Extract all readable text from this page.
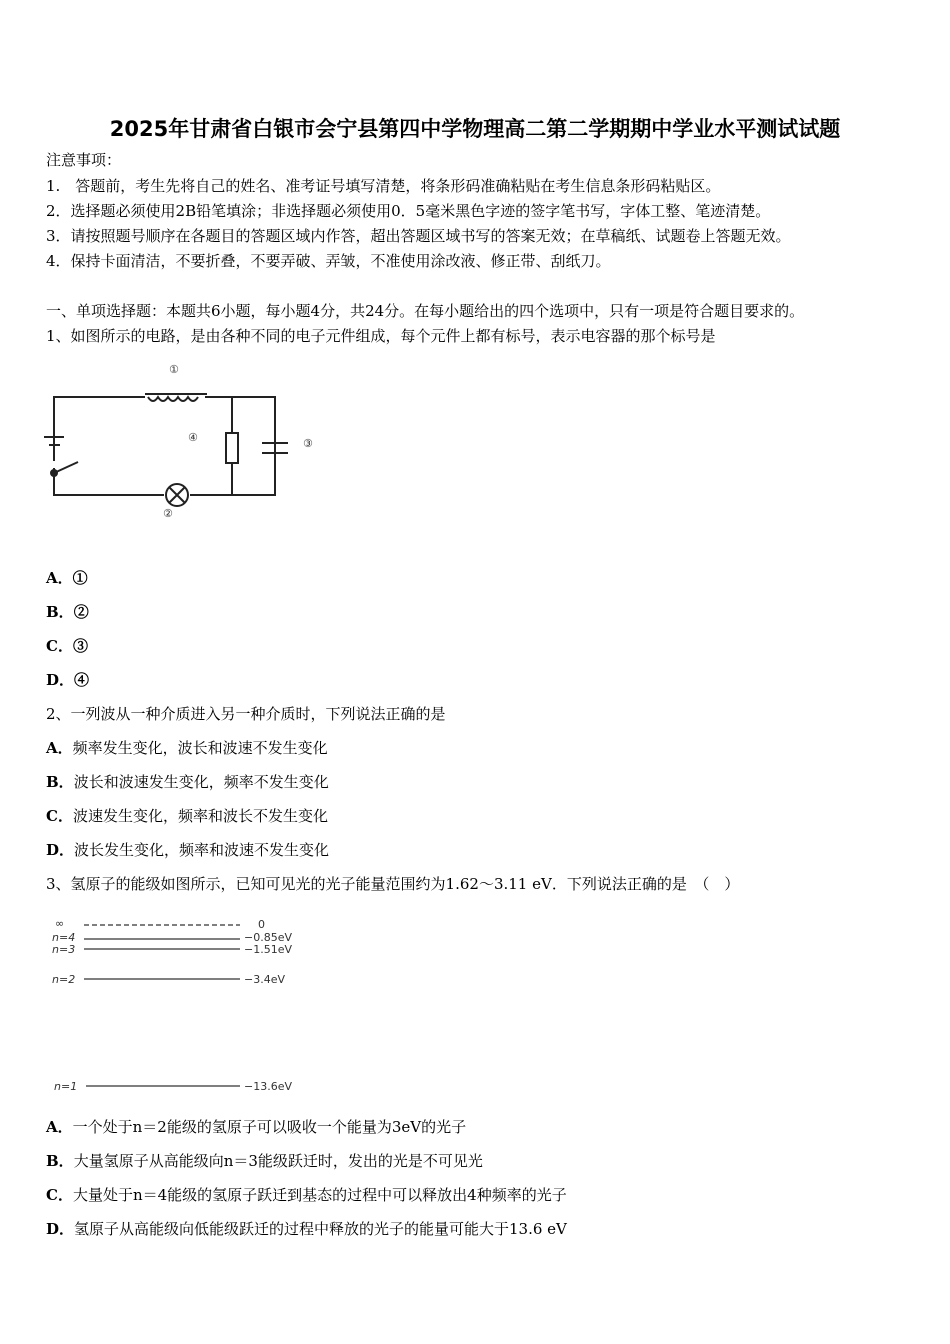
2025年甘肃省白银市会宁县第四中学物理高二第二学期期中学业水平测试试题
注意事项：
1.　答题前，考生先将自己的姓名、准考证号填写清楚，将条形码准确粘贴在考生信息条形码粘贴区。
2．选择题必须使用2B铅笔填涂；非选择题必须使用0．5毫米黑色字迹的签字笔书写，字体工整、笔迹清楚。
3．请按照题号顺序在各题目的答题区域内作答，超出答题区域书写的答案无效；在草稿纸、试题卷上答题无效。
4．保持卡面清洁，不要折叠，不要弄破、弄皱，不准使用涂改液、修正带、刮纸刀。
一、单项选择题：本题共6小题，每小题4分，共24分。在每小题给出的四个选项中，只有一项是符合题目要求的。
1、如图所示的电路，是由各种不同的电子元件组成，每个元件上都有标号，表示电容器的那个标号是
①
②
③
④
A．①
B．②
C．③
D．④
2、一列波从一种介质进入另一种介质时，下列说法正确的是
A．频率发生变化，波长和波速不发生变化
B．波长和波速发生变化，频率不发生变化
C．波速发生变化，频率和波长不发生变化
D．波长发生变化，频率和波速不发生变化
3、氢原子的能级如图所示，已知可见光的光子能量范围约为1.62～3.11 eV．下列说法正确的是　（　）
∞
n=4
n=3
n=2
n=1
0
−0.85eV
−1.51eV
−3.4eV
−13.6eV
A．一个处于n＝2能级的氢原子可以吸收一个能量为3eV的光子
B．大量氢原子从高能级向n＝3能级跃迁时，发出的光是不可见光
C．大量处于n＝4能级的氢原子跃迁到基态的过程中可以释放出4种频率的光子
D．氢原子从高能级向低能级跃迁的过程中释放的光子的能量可能大于13.6 eV
